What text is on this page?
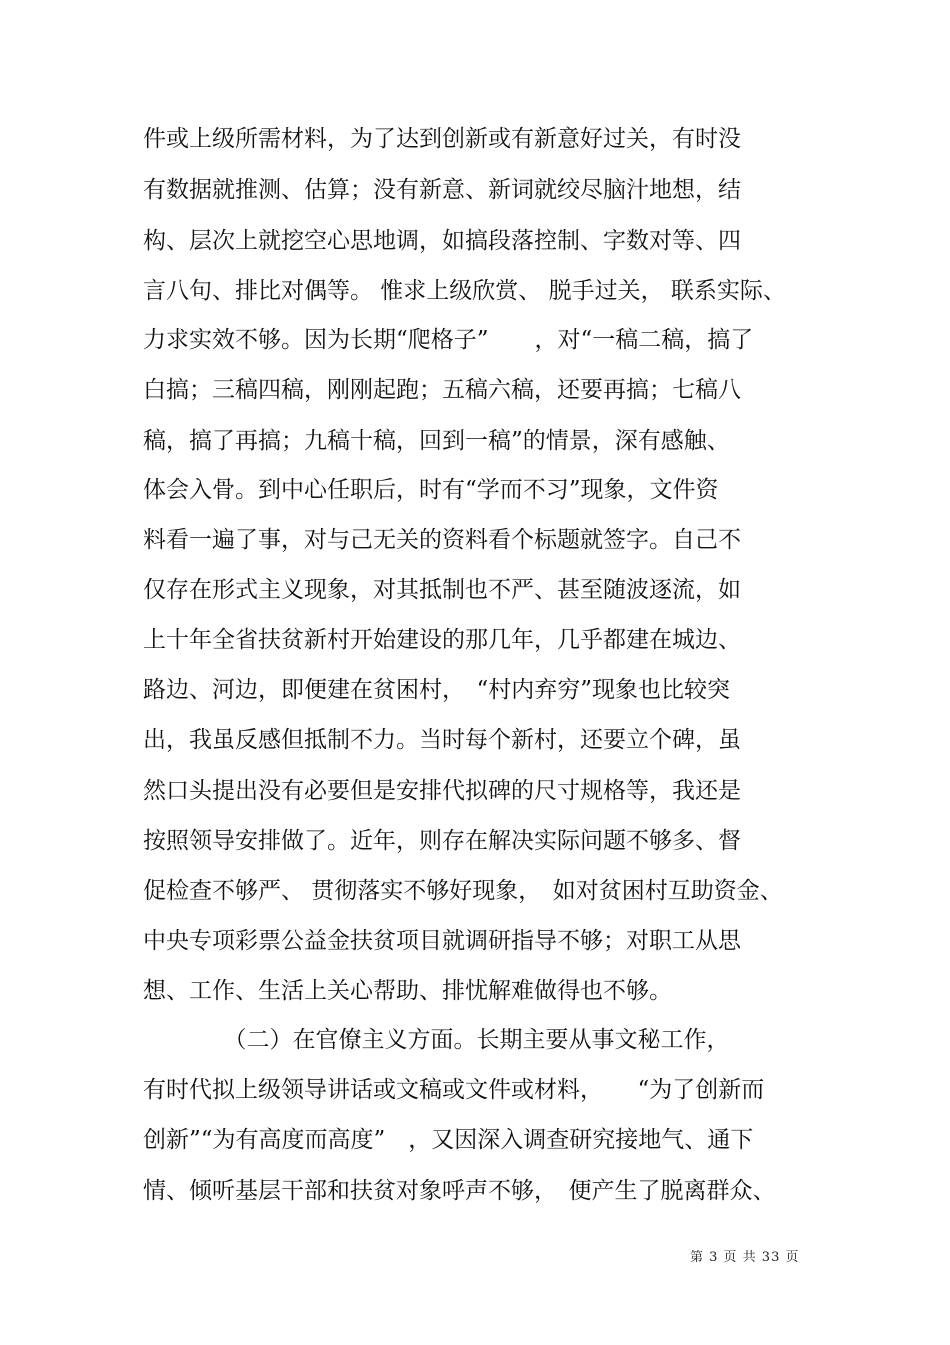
件或上级所需材料，为了达到创新或有新意好过关，有时没
有数据就推测、估算；没有新意、新词就绞尽脑汁地想，结
构、层次上就挖空心思地调，如搞段落控制、字数对等、四
言八句、排比对偶等。 惟求上级欣赏、 脱手过关， 联系实际、
力求实效不够。因为长期“爬格子”　　，对“一稿二稿，搞了
白搞；三稿四稿，刚刚起跑；五稿六稿，还要再搞；七稿八
稿，搞了再搞；九稿十稿，回到一稿”的情景，深有感触、
体会入骨。到中心任职后，时有“学而不习”现象，文件资
料看一遍了事，对与己无关的资料看个标题就签字。自己不
仅存在形式主义现象，对其抵制也不严、甚至随波逐流，如
上十年全省扶贫新村开始建设的那几年，几乎都建在城边、
路边、河边，即便建在贫困村，　“村内弃穷”现象也比较突
出，我虽反感但抵制不力。当时每个新村，还要立个碑，虽
然口头提出没有必要但是安排代拟碑的尺寸规格等，我还是
按照领导安排做了。近年，则存在解决实际问题不够多、督
促检查不够严、 贯彻落实不够好现象，　如对贫困村互助资金、
中央专项彩票公益金扶贫项目就调研指导不够；对职工从思
想、工作、生活上关心帮助、排忧解难做得也不够。
　　　　（二）在官僚主义方面。长期主要从事文秘工作，
有时代拟上级领导讲话或文稿或文件或材料，　　“为了创新而
创新”“为有高度而高度”　，又因深入调查研究接地气、通下
情、倾听基层干部和扶贫对象呼声不够，　便产生了脱离群众、
第 3 页 共 33 页
